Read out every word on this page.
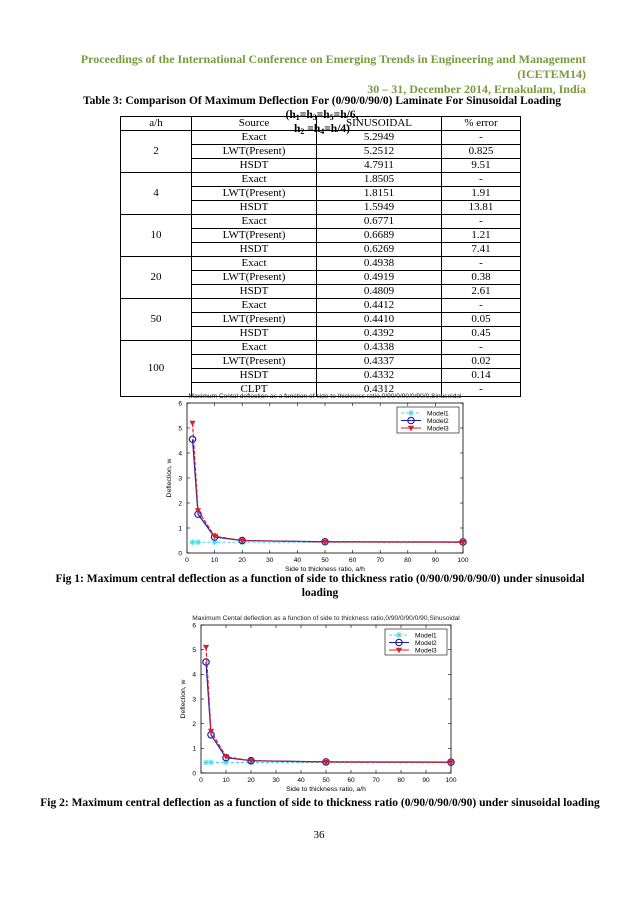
Proceedings of the International Conference on Emerging Trends in Engineering and Management (ICETEM14)
30 – 31, December 2014, Ernakulam, India
Table 3: Comparison Of Maximum Deflection For (0/90/0/90/0) Laminate For Sinusoidal Loading ($h_1=h_3=h_5=h/6$,
$h_2 =h_4=h/4$)
a/h	Source	SINUSOIDAL	% error
2	Exact	5.2949	-
	LWT(Present)	5.2512	0.825
	HSDT	4.7911	9.51
4	Exact	1.8505	-
	LWT(Present)	1.8151	1.91
	HSDT	1.5949	13.81
10	Exact	0.6771	-
	LWT(Present)	0.6689	1.21
	HSDT	0.6269	7.41
20	Exact	0.4938	-
	LWT(Present)	0.4919	0.38
	HSDT	0.4809	2.61
50	Exact	0.4412	-
	LWT(Present)	0.4410	0.05
	HSDT	0.4392	0.45
100	Exact	0.4338	-
	LWT(Present)	0.4337	0.02
	HSDT	0.4332	0.14
	CLPT	0.4312	-
Maximum Cental deflection as a function of side to thickness ratio,0/90/0/90/0/90/0,Sinusoidal
0	10	20	30	40	50	60	70	80	90	100
0
1
2
3
4
5
6
Side to thickness ratio, a/h
Deflection, w
Model1
Model2
Model3
Fig 1: Maximum central deflection as a function of side to thickness ratio (0/90/0/90/0/90/0) under sinusoidal
loading
Maximum Cental deflection as a function of side to thickness ratio,0/90/0/90/0/90,Sinusoidal
0	10	20	30	40	50	60	70	80	90 100
0
1
2
3
4
5
6
Side to thickness ratio, a/h
Deflection, w
Model1
Model2
Model3
Fig 2: Maximum central deflection as a function of side to thickness ratio (0/90/0/90/0/90) under sinusoidal loading
36
